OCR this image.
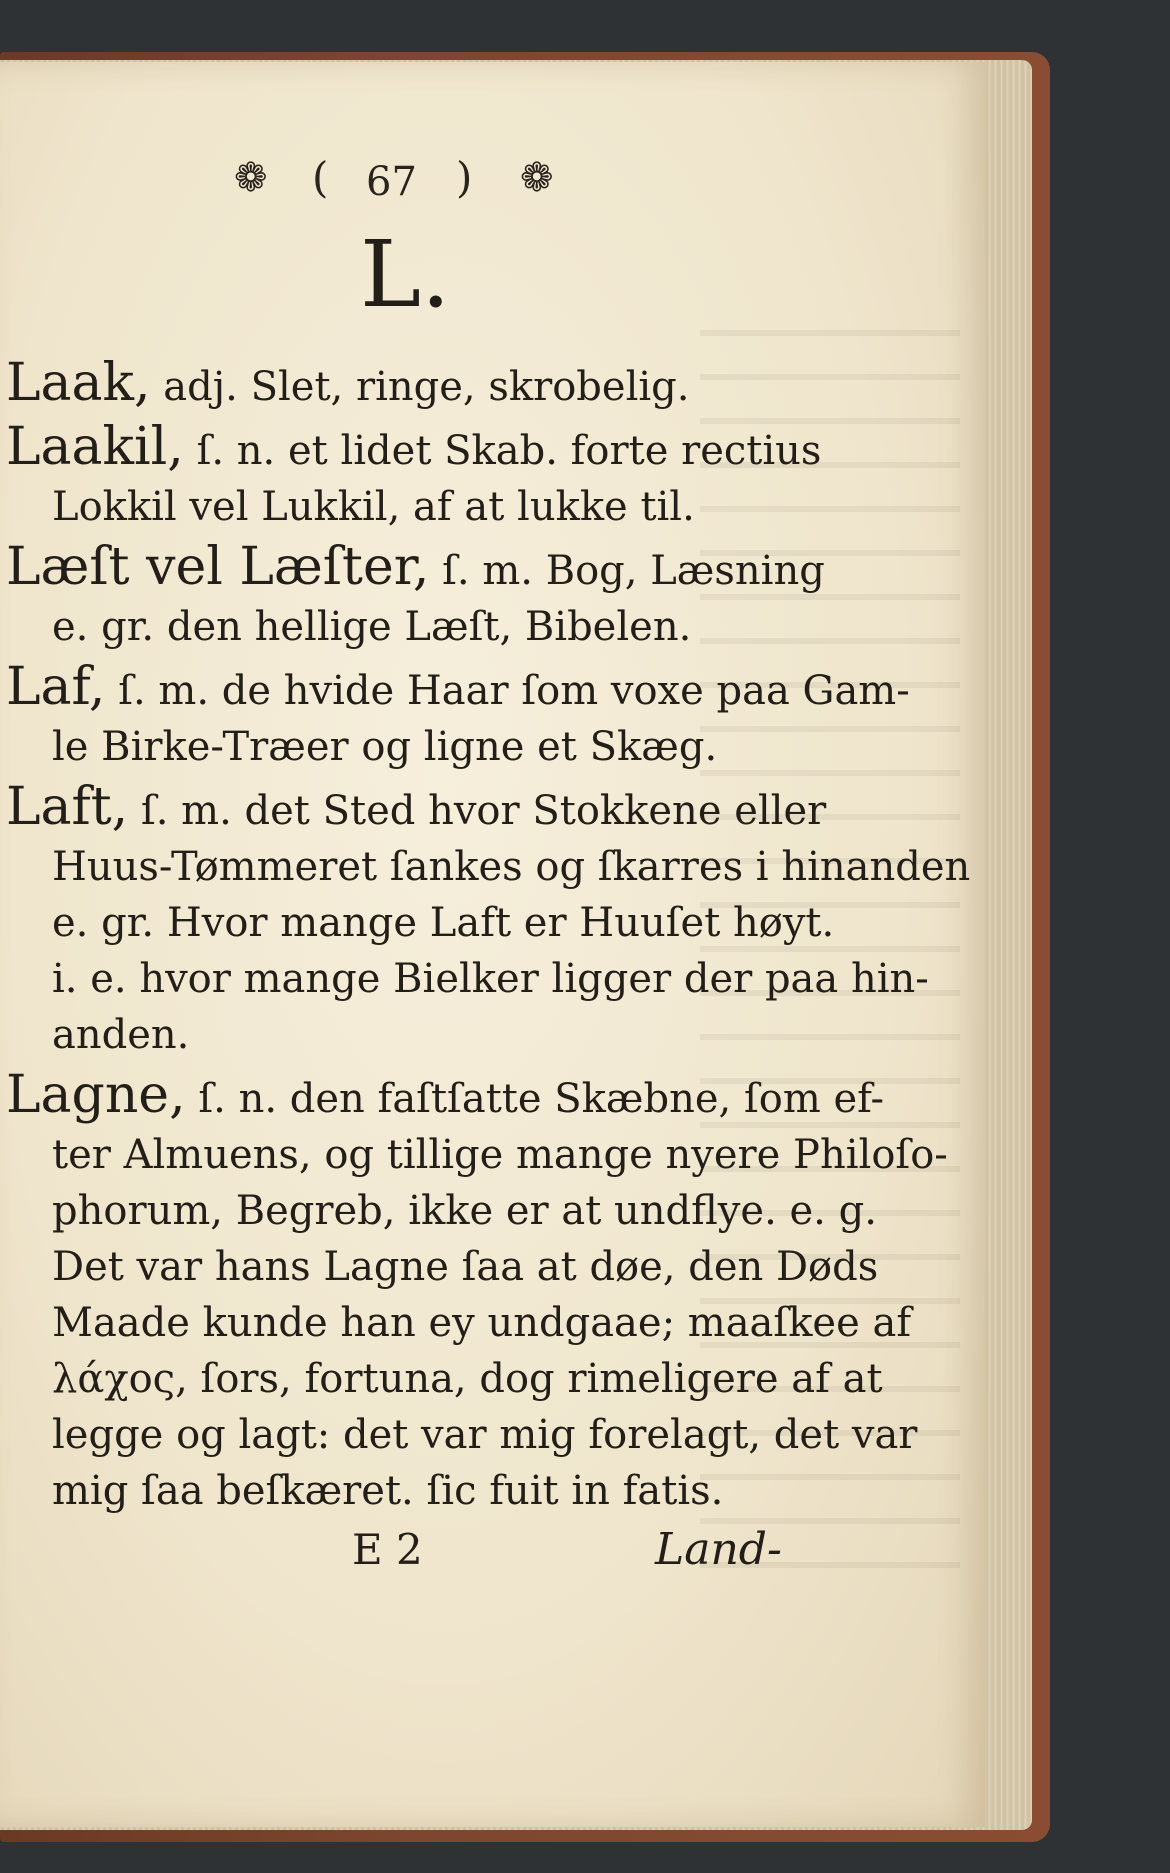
❁ ( 67 ) ❁
L.
Laak, adj. Slet, ringe, skrobelig.
Laakil, ſ. n. et lidet Skab. forte rectius
Lokkil vel Lukkil, af at lukke til.
Læſt vel Læſter, ſ. m. Bog, Læsning
e. gr. den hellige Læſt, Bibelen.
Laf, ſ. m. de hvide Haar ſom voxe paa Gam-
le Birke-Træer og ligne et Skæg.
Laft, ſ. m. det Sted hvor Stokkene eller
Huus-Tømmeret ſankes og ſkarres i hinanden
e. gr. Hvor mange Laft er Huuſet høyt.
i. e. hvor mange Bielker ligger der paa hin-
anden.
Lagne, ſ. n. den faſtſatte Skæbne, ſom ef-
ter Almuens, og tillige mange nyere Philoſo-
phorum, Begreb, ikke er at undflye. e. g.
Det var hans Lagne ſaa at døe, den Døds
Maade kunde han ey undgaae; maaſkee af
λάχος, ſors, fortuna, dog rimeligere af at
legge og lagt: det var mig forelagt, det var
mig ſaa beſkæret. ſic fuit in fatis.
E 2	Land-
